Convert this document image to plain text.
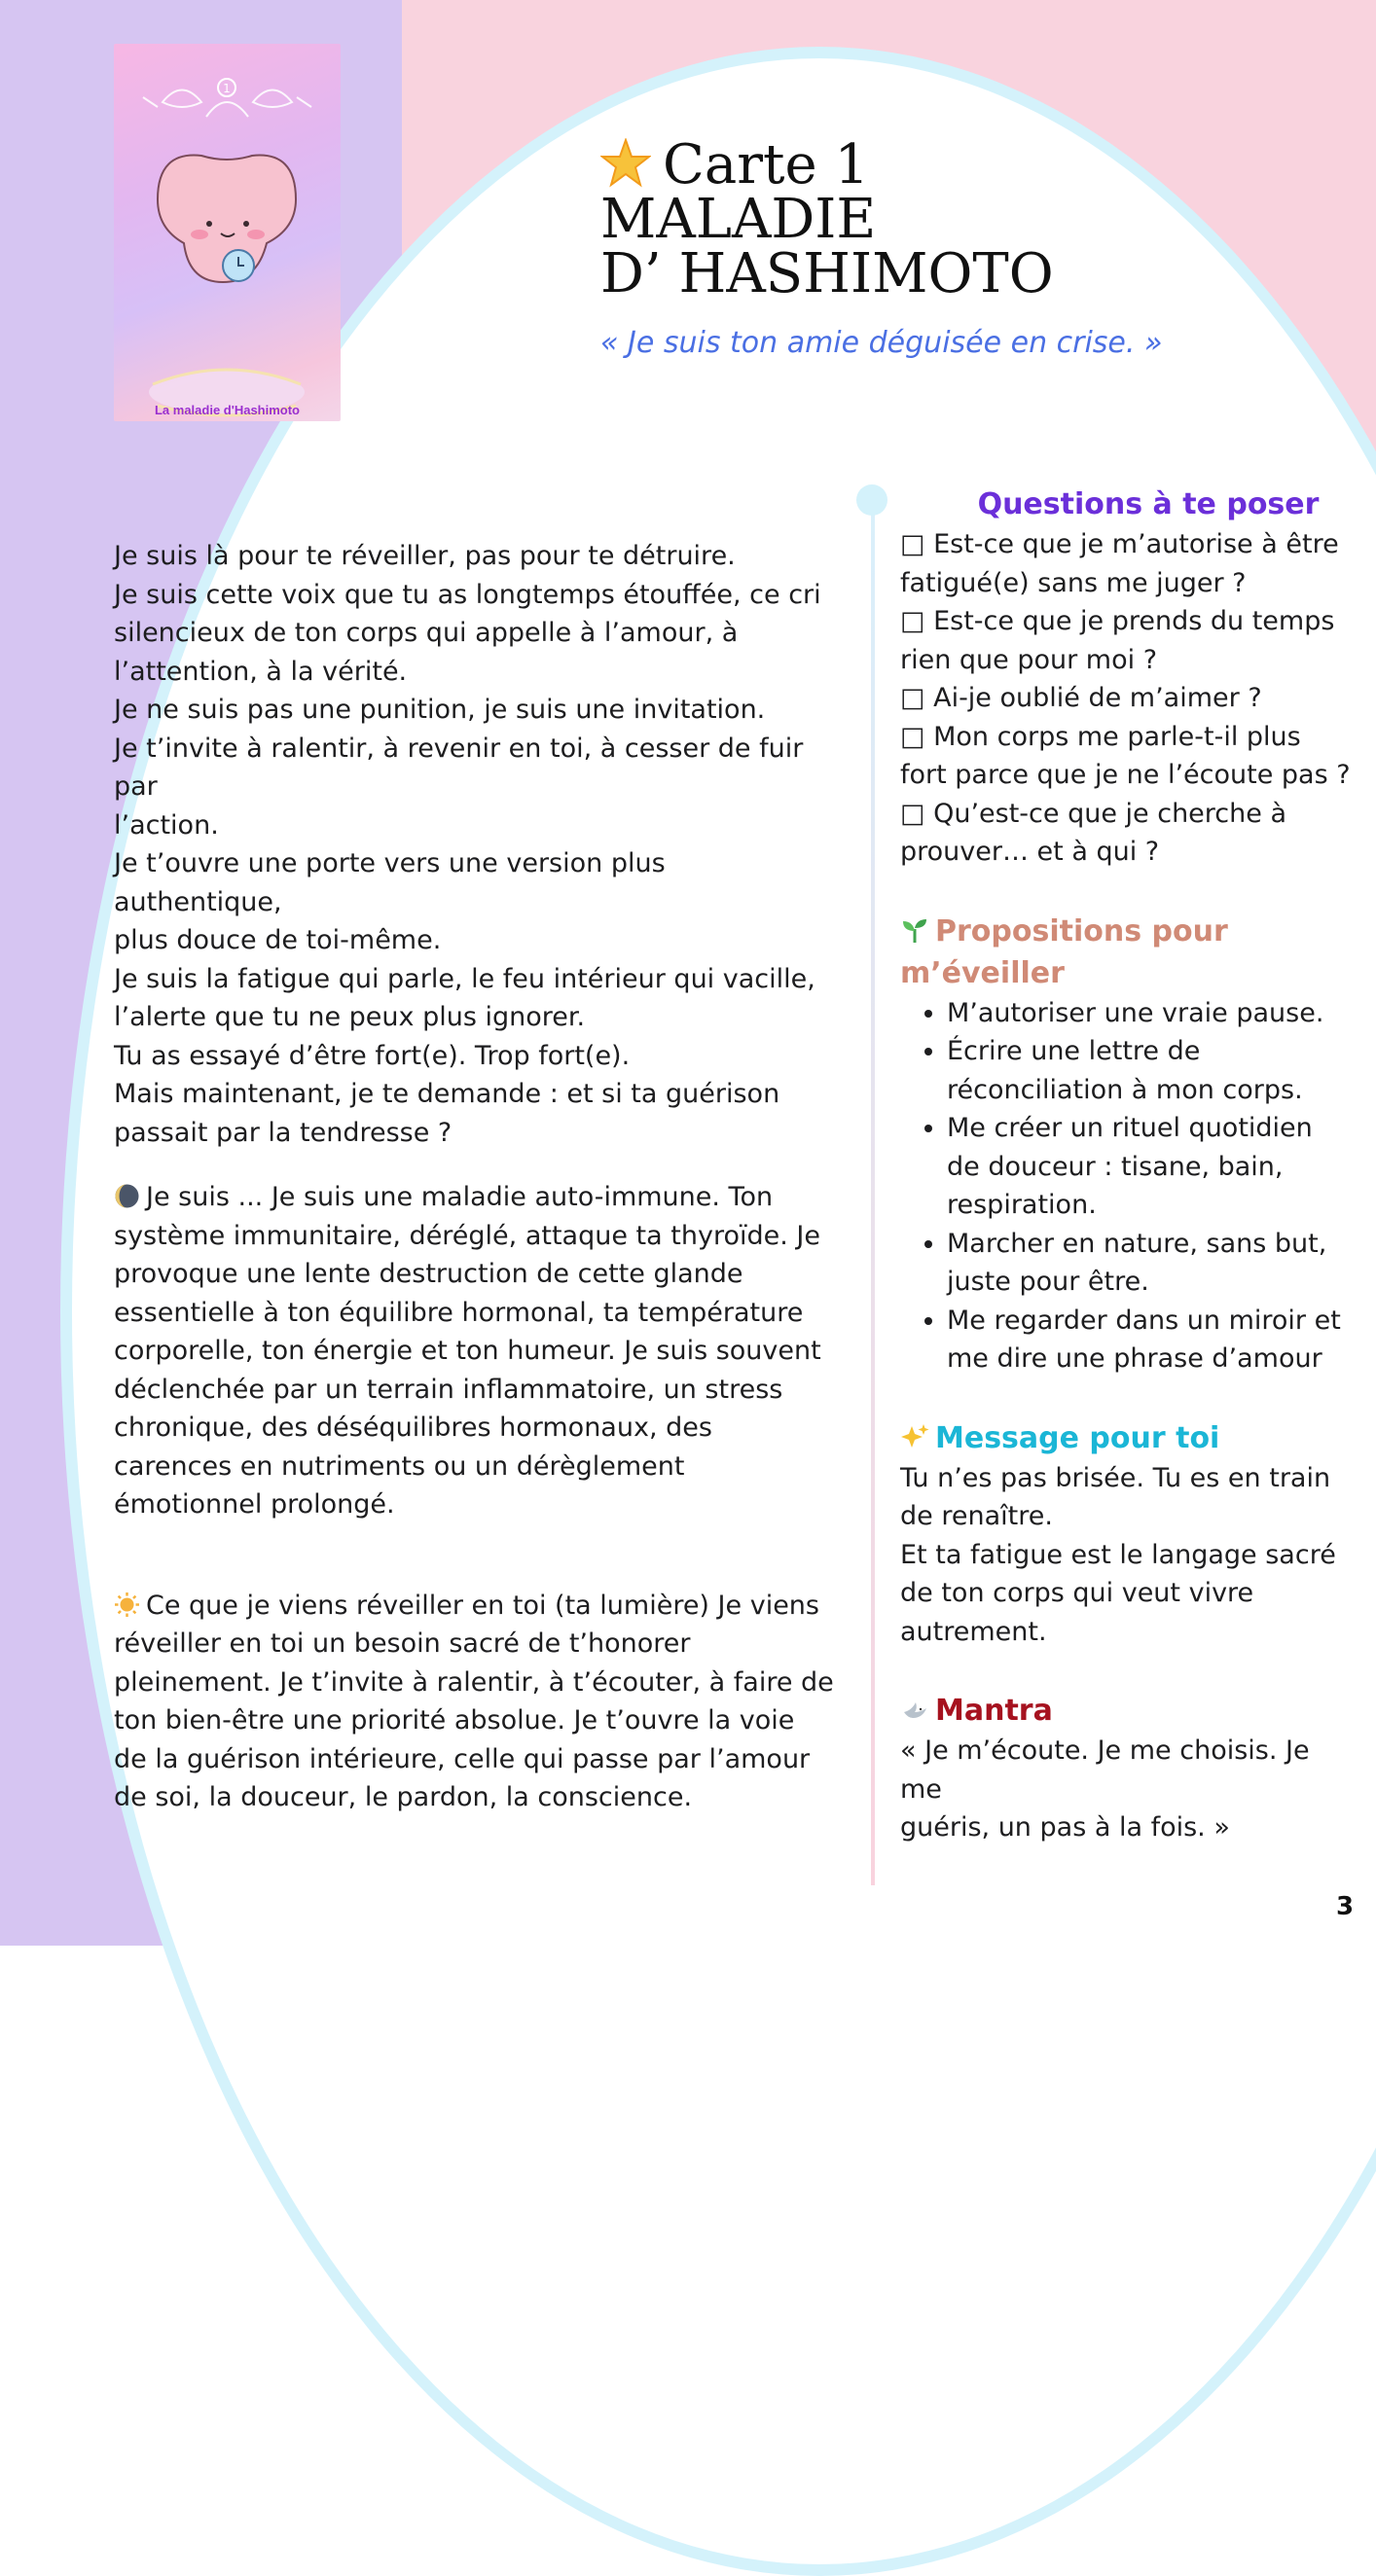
1
La maladie d'Hashimoto

Carte 1

MALADIE

D’ HASHIMOTO

« Je suis ton amie déguisée en crise. »

Je suis là pour te réveiller, pas pour te détruire.

Je suis cette voix que tu as longtemps étouffée, ce cri

silencieux de ton corps qui appelle à l’amour, à

l’attention, à la vérité.

Je ne suis pas une punition, je suis une invitation.

Je t’invite à ralentir, à revenir en toi, à cesser de fuir par

l’action.

Je t’ouvre une porte vers une version plus authentique,

plus douce de toi-même.

Je suis la fatigue qui parle, le feu intérieur qui vacille,

l’alerte que tu ne peux plus ignorer.

Tu as essayé d’être fort(e). Trop fort(e).

Mais maintenant, je te demande : et si ta guérison

passait par la tendresse ?

Je suis ... Je suis une maladie auto-immune. Ton

système immunitaire, déréglé, attaque ta thyroïde. Je

provoque une lente destruction de cette glande

essentielle à ton équilibre hormonal, ta température

corporelle, ton énergie et ton humeur. Je suis souvent

déclenchée par un terrain inflammatoire, un stress

chronique, des déséquilibres hormonaux, des

carences en nutriments ou un dérèglement

émotionnel prolongé.

Ce que je viens réveiller en toi (ta lumière) Je viens

réveiller en toi un besoin sacré de t’honorer

pleinement. Je t’invite à ralentir, à t’écouter, à faire de

ton bien-être une priorité absolue. Je t’ouvre la voie

de la guérison intérieure, celle qui passe par l’amour

de soi, la douceur, le pardon, la conscience.

Questions à te poser

□ Est-ce que je m’autorise à être

fatigué(e) sans me juger ?

□ Est-ce que je prends du temps

rien que pour moi ?

□ Ai-je oublié de m’aimer ?

□ Mon corps me parle-t-il plus

fort parce que je ne l’écoute pas ?

□ Qu’est-ce que je cherche à

prouver… et à qui ?

Propositions pour

m’éveiller

• M’autoriser une vraie pause.
• Écrire une lettre de
réconciliation à mon corps.
• Me créer un rituel quotidien
de douceur : tisane, bain,
respiration.
• Marcher en nature, sans but,
juste pour être.
• Me regarder dans un miroir et
me dire une phrase d’amour

Message pour toi

Tu n’es pas brisée. Tu es en train

de renaître.

Et ta fatigue est le langage sacré

de ton corps qui veut vivre

autrement.

Mantra

« Je m’écoute. Je me choisis. Je me

guéris, un pas à la fois. »

3
